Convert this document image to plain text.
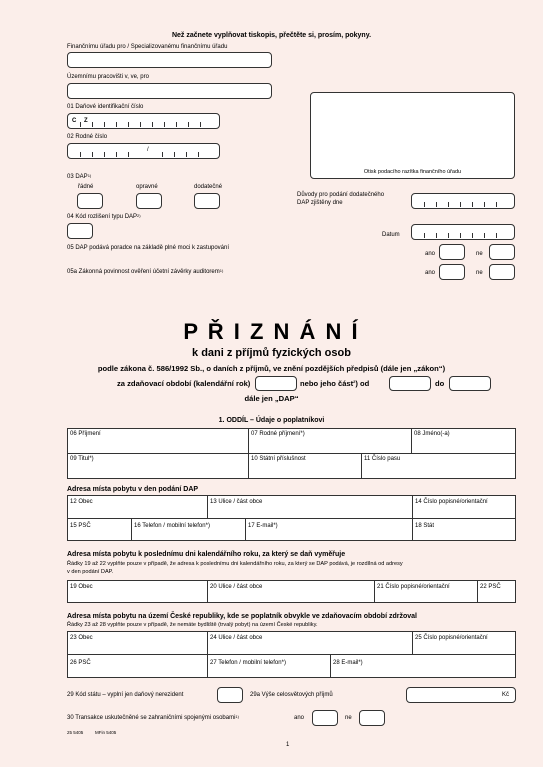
Než začnete vyplňovat tiskopis, přečtěte si, prosím, pokyny.
Finančnímu úřadu pro / Specializovanému finančnímu úřadu
Územnímu pracovišti v, ve, pro
01 Daňové identifikační číslo
C Z
02 Rodné číslo
/
Otisk podacího razítka finančního úřadu
03 DAP$^{1)}$
řádné	opravné	dodatečné
Důvody pro podání dodatečného
DAP zjištěny dne
04 Kód rozlišení typu DAP$^{2)}$
Datum
05 DAP podává poradce na základě plné moci k zastupování
ano	ne
05a Zákonná povinnost ověření účetní závěrky auditorem$^{1)}$	ano	ne
P Ř I Z N Á N Í
k dani z příjmů fyzických osob
podle zákona č. 586/1992 Sb., o daních z příjmů, ve znění pozdějších předpisů (dále jen „zákon“)
za zdaňovací období (kalendářní rok)	nebo jeho část$^2$) od	do
dále jen „DAP“
1. ODDÍL – Údaje o poplatníkovi
06 Příjmení	07 Rodné příjmení*)	08 Jméno(-a)
09 Titul*)	10 Státní příslušnost	11 Číslo pasu
Adresa místa pobytu v den podání DAP
12 Obec	13 Ulice / část obce	14 Číslo popisné/orientační
15 PSČ	16 Telefon / mobilní telefon*)	17 E-mail*)	18 Stát
Adresa místa pobytu k poslednímu dni kalendářního roku, za který se daň vyměřuje
Řádky 19 až 22 vyplňte pouze v případě, že adresa k poslednímu dni kalendářního roku, za který se DAP podává, je rozdílná od adresy
v den podání DAP.
19 Obec	20 Ulice / část obce	21 Číslo popisné/orientační	22 PSČ
Adresa místa pobytu na území České republiky, kde se poplatník obvykle ve zdaňovacím období zdržoval
Řádky 23 až 28 vyplňte pouze v případě, že nemáte bydliště (trvalý pobyt) na území České republiky.
23 Obec	24 Ulice / část obce	25 Číslo popisné/orientační
26 PSČ	27 Telefon / mobilní telefon*)	28 E-mail*)
29 Kód státu – vyplní jen daňový nerezident	29a Výše celosvětových příjmů	Kč
30 Transakce uskutečněné se zahraničními spojenými osobami$^{1)}$	ano	ne
25 5405	MFin 5405
1
